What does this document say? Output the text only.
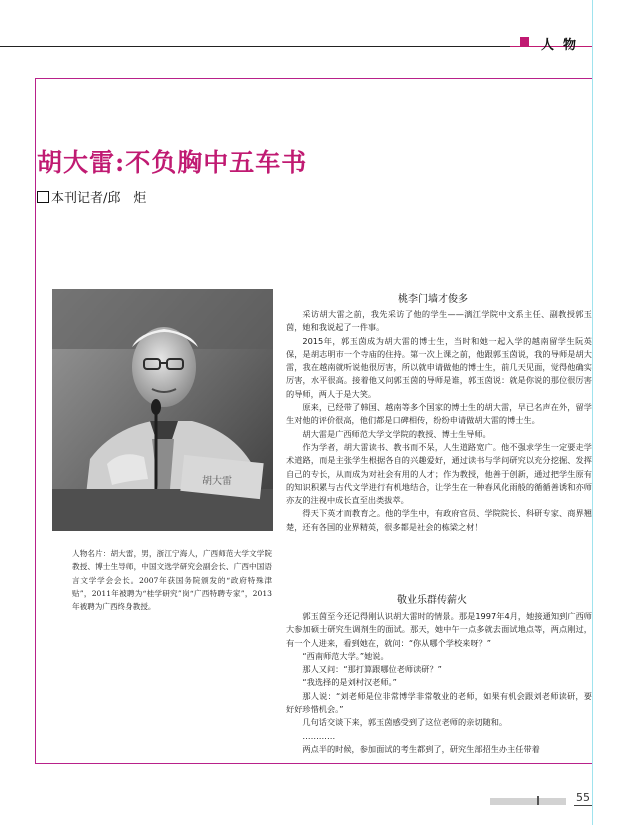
人物
胡大雷:不负胸中五车书
本刊记者/邱　炬
胡大雷
人物名片：胡大雷，男，浙江宁海人，广西师范大学文学院教授、博士生导师，中国文选学研究会副会长、广西中国语言文学学会会长。2007年获国务院颁发的“政府特殊津贴”，2011年被聘为“桂学研究”岗“广西特聘专家”，2013年被聘为广西终身教授。
桃李门墙才俊多

采访胡大雷之前，我先采访了他的学生——漓江学院中文系主任、副教授郭玉茵，她和我说起了一件事。

2015年，郭玉茵成为胡大雷的博士生，当时和她一起入学的越南留学生阮英保，是胡志明市一个寺庙的住持。第一次上课之前，他跟郭玉茵说，我的导师是胡大雷，我在越南就听说他很厉害，所以就申请做他的博士生，前几天见面，觉得他确实厉害，水平很高。接着他又问郭玉茵的导师是谁，郭玉茵说：就是你说的那位很厉害的导师，两人于是大笑。

原来，已经带了韩国、越南等多个国家的博士生的胡大雷，早已名声在外，留学生对他的评价很高，他们都是口碑相传，纷纷申请做胡大雷的博士生。

胡大雷是广西师范大学文学院的教授、博士生导师。

作为学者，胡大雷读书、教书而不呆，人生道路宽广。他不强求学生一定要走学术道路，而是主张学生根据各自的兴趣爱好，通过读书与学问研究以充分挖掘、发挥自己的专长，从而成为对社会有用的人才；作为教授，他善于创新，通过把学生原有的知识积累与古代文学进行有机地结合，让学生在一种春风化雨般的循循善诱和亦师亦友的注视中成长直至出类拔萃。

得天下英才而教育之。他的学生中，有政府官员、学院院长、科研专家、商界翘楚，还有各国的业界精英，很多都是社会的栋梁之材！

敬业乐群传薪火

郭玉茵至今还记得刚认识胡大雷时的情景。那是1997年4月，她接通知到广西师大参加硕士研究生调剂生的面试。那天，她中午一点多就去面试地点等，两点刚过，有一个人进来，看到她在，就问：“你从哪个学校来呀？”

“西南师范大学。”她说。

那人又问：“那打算跟哪位老师读研？”

“我选择的是刘村汉老师。”

那人说：“刘老师是位非常博学非常敬业的老师，如果有机会跟刘老师读研，要好好珍惜机会。”

几句话交谈下来，郭玉茵感受到了这位老师的亲切随和。

…………

两点半的时候，参加面试的考生都到了，研究生部招生办主任带着

55
